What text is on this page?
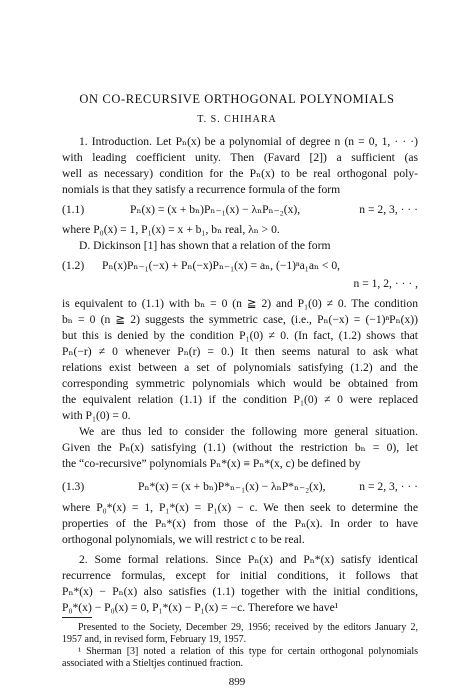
ON CO-RECURSIVE ORTHOGONAL POLYNOMIALS
T. S. CHIHARA
1. Introduction. Let Pₙ(x) be a polynomial of degree n (n = 0, 1, · · ·)
with leading coefficient unity. Then (Favard [2]) a sufficient (as
well as necessary) condition for the Pₙ(x) to be real orthogonal poly-
nomials is that they satisfy a recurrence formula of the form
(1.1)	Pₙ(x) = (x + bₙ)Pₙ₋₁(x) − λₙPₙ₋₂(x),	n = 2, 3, · · ·
where P₀(x) = 1, P₁(x) = x + b₁, bₙ real, λₙ > 0.
D. Dickinson [1] has shown that a relation of the form
(1.2) Pₙ(x)Pₙ₋₁(−x) + Pₙ(−x)Pₙ₋₁(x) = aₙ, (−1)ⁿa₁aₙ < 0,
n = 1, 2, · · · ,
is equivalent to (1.1) with bₙ = 0 (n ≧ 2) and P₁(0) ≠ 0. The condition
bₙ = 0 (n ≧ 2) suggests the symmetric case, (i.e., Pₙ(−x) = (−1)ⁿPₙ(x))
but this is denied by the condition P₁(0) ≠ 0. (In fact, (1.2) shows that
Pₙ(−r) ≠ 0 whenever Pₙ(r) = 0.) It then seems natural to ask what
relations exist between a set of polynomials satisfying (1.2) and the
corresponding symmetric polynomials which would be obtained from
the equivalent relation (1.1) if the condition P₁(0) ≠ 0 were replaced
with P₁(0) = 0.
We are thus led to consider the following more general situation.
Given the Pₙ(x) satisfying (1.1) (without the restriction bₙ = 0), let
the “co-recursive” polynomials Pₙ*(x) ≡ Pₙ*(x, c) be defined by
(1.3)	Pₙ*(x) = (x + bₙ)P*ₙ₋₁(x) − λₙP*ₙ₋₂(x),	n = 2, 3, · · ·
where P₀*(x) = 1, P₁*(x) = P₁(x) − c. We then seek to determine the
properties of the Pₙ*(x) from those of the Pₙ(x). In order to have
orthogonal polynomials, we will restrict c to be real.
2. Some formal relations. Since Pₙ(x) and Pₙ*(x) satisfy identical
recurrence formulas, except for initial conditions, it follows that
Pₙ*(x) − Pₙ(x) also satisfies (1.1) together with the initial conditions,
P₀*(x) − P₀(x) = 0, P₁*(x) − P₁(x) = −c. Therefore we have¹
Presented to the Society, December 29, 1956; received by the editors January 2,
1957 and, in revised form, February 19, 1957.
¹ Sherman [3] noted a relation of this type for certain orthogonal polynomials
associated with a Stieltjes continued fraction.
899
